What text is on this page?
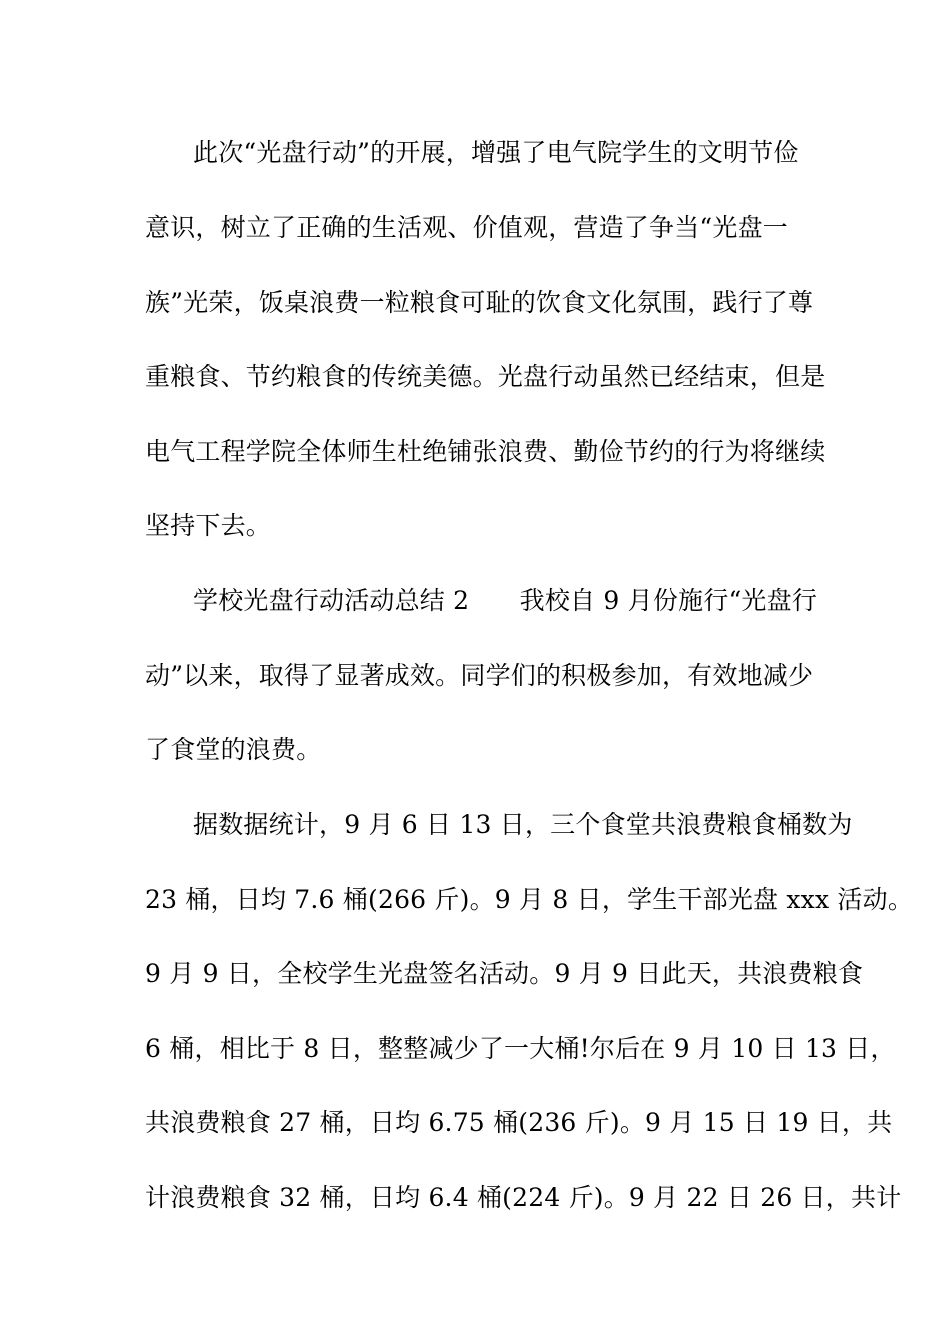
此次“光盘行动”的开展，增强了电气院学生的文明节俭
意识，树立了正确的生活观、价值观，营造了争当“光盘一
族”光荣，饭桌浪费一粒粮食可耻的饮食文化氛围，践行了尊
重粮食、节约粮食的传统美德。光盘行动虽然已经结束，但是
电气工程学院全体师生杜绝铺张浪费、勤俭节约的行为将继续
坚持下去。
学校光盘行动活动总结 2　　我校自 9 月份施行“光盘行
动”以来，取得了显著成效。同学们的积极参加，有效地减少
了食堂的浪费。
据数据统计，9 月 6 日 13 日，三个食堂共浪费粮食桶数为
23 桶，日均 7.6 桶(266 斤)。9 月 8 日，学生干部光盘 xxx 活动。
9 月 9 日，全校学生光盘签名活动。9 月 9 日此天，共浪费粮食
6 桶，相比于 8 日，整整减少了一大桶!尔后在 9 月 10 日 13 日，
共浪费粮食 27 桶，日均 6.75 桶(236 斤)。9 月 15 日 19 日，共
计浪费粮食 32 桶，日均 6.4 桶(224 斤)。9 月 22 日 26 日，共计
